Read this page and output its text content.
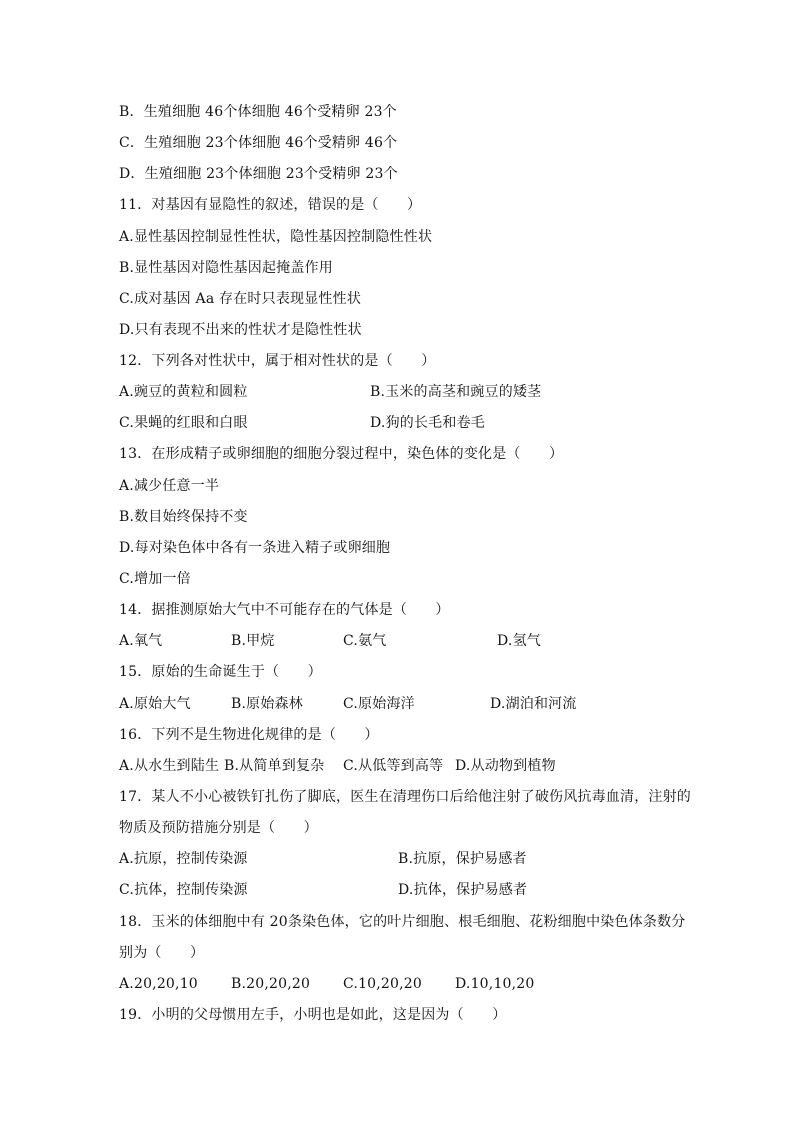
B．生殖细胞 46个体细胞 46个受精卵 23个
C．生殖细胞 23个体细胞 46个受精卵 46个
D．生殖细胞 23个体细胞 23个受精卵 23个
11．对基因有显隐性的叙述，错误的是（　　）
A.显性基因控制显性性状，隐性基因控制隐性性状
B.显性基因对隐性基因起掩盖作用
C.成对基因 Aa 存在时只表现显性性状
D.只有表现不出来的性状才是隐性性状
12．下列各对性状中，属于相对性状的是（　　）
A.豌豆的黄粒和圆粒	B.玉米的高茎和豌豆的矮茎
C.果蝇的红眼和白眼	D.狗的长毛和卷毛
13．在形成精子或卵细胞的细胞分裂过程中，染色体的变化是（　　）
A.减少任意一半
B.数目始终保持不变
D.每对染色体中各有一条进入精子或卵细胞
C.增加一倍
14．据推测原始大气中不可能存在的气体是（　　）
A.氧气	B.甲烷	C.氨气	D.氢气
15．原始的生命诞生于（　　）
A.原始大气	B.原始森林	C.原始海洋	D.湖泊和河流
16．下列不是生物进化规律的是（　　）
A.从水生到陆生 B.从简单到复杂 C.从低等到高等 D.从动物到植物
17．某人不小心被铁钉扎伤了脚底，医生在清理伤口后给他注射了破伤风抗毒血清，注射的
物质及预防措施分别是（　　）
A.抗原，控制传染源	B.抗原，保护易感者
C.抗体，控制传染源	D.抗体，保护易感者
18．玉米的体细胞中有 20条染色体，它的叶片细胞、根毛细胞、花粉细胞中染色体条数分
别为（　　）
A.20,20,10 B.20,20,20 C.10,20,20 D.10,10,20
19．小明的父母惯用左手，小明也是如此，这是因为（　　）
